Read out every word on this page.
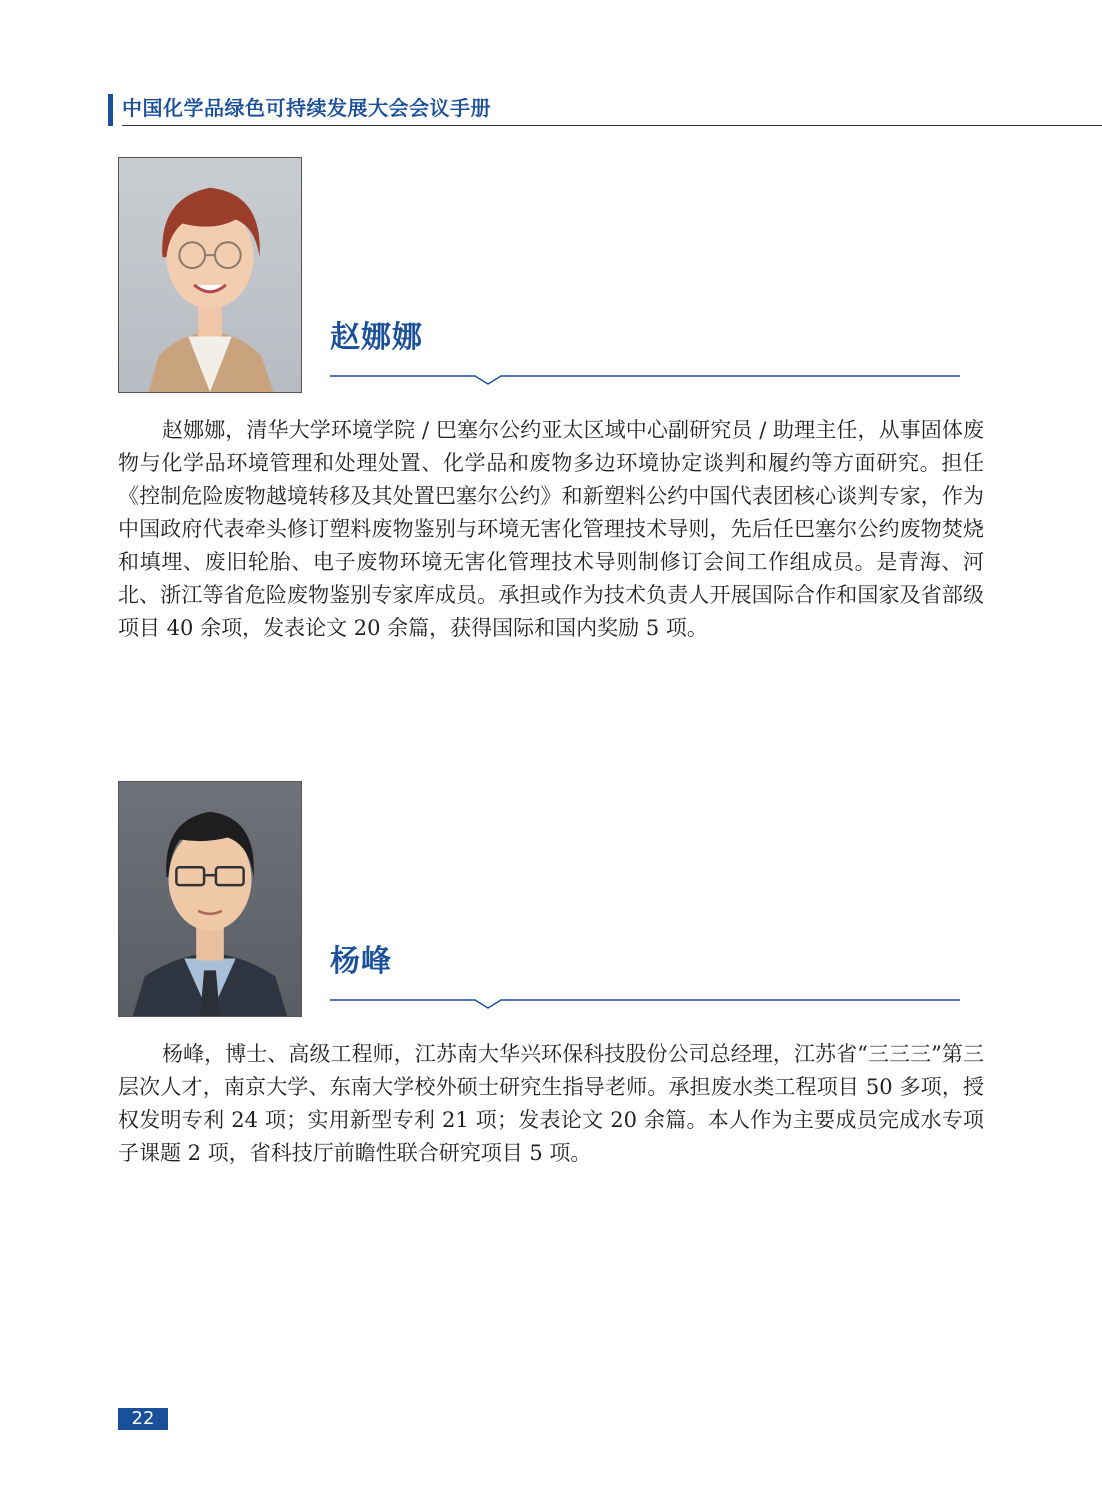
中国化学品绿色可持续发展大会会议手册
赵娜娜

赵娜娜，清华大学环境学院 / 巴塞尔公约亚太区域中心副研究员 / 助理主任，从事固体废物与化学品环境管理和处理处置、化学品和废物多边环境协定谈判和履约等方面研究。担任《控制危险废物越境转移及其处置巴塞尔公约》和新塑料公约中国代表团核心谈判专家，作为中国政府代表牵头修订塑料废物鉴别与环境无害化管理技术导则，先后任巴塞尔公约废物焚烧和填埋、废旧轮胎、电子废物环境无害化管理技术导则制修订会间工作组成员。是青海、河北、浙江等省危险废物鉴别专家库成员。承担或作为技术负责人开展国际合作和国家及省部级项目 40 余项，发表论文 20 余篇，获得国际和国内奖励 5 项。

杨峰

杨峰，博士、高级工程师，江苏南大华兴环保科技股份公司总经理，江苏省“三三三”第三层次人才，南京大学、东南大学校外硕士研究生指导老师。承担废水类工程项目 50 多项，授权发明专利 24 项；实用新型专利 21 项；发表论文 20 余篇。本人作为主要成员完成水专项子课题 2 项，省科技厅前瞻性联合研究项目 5 项。

22
